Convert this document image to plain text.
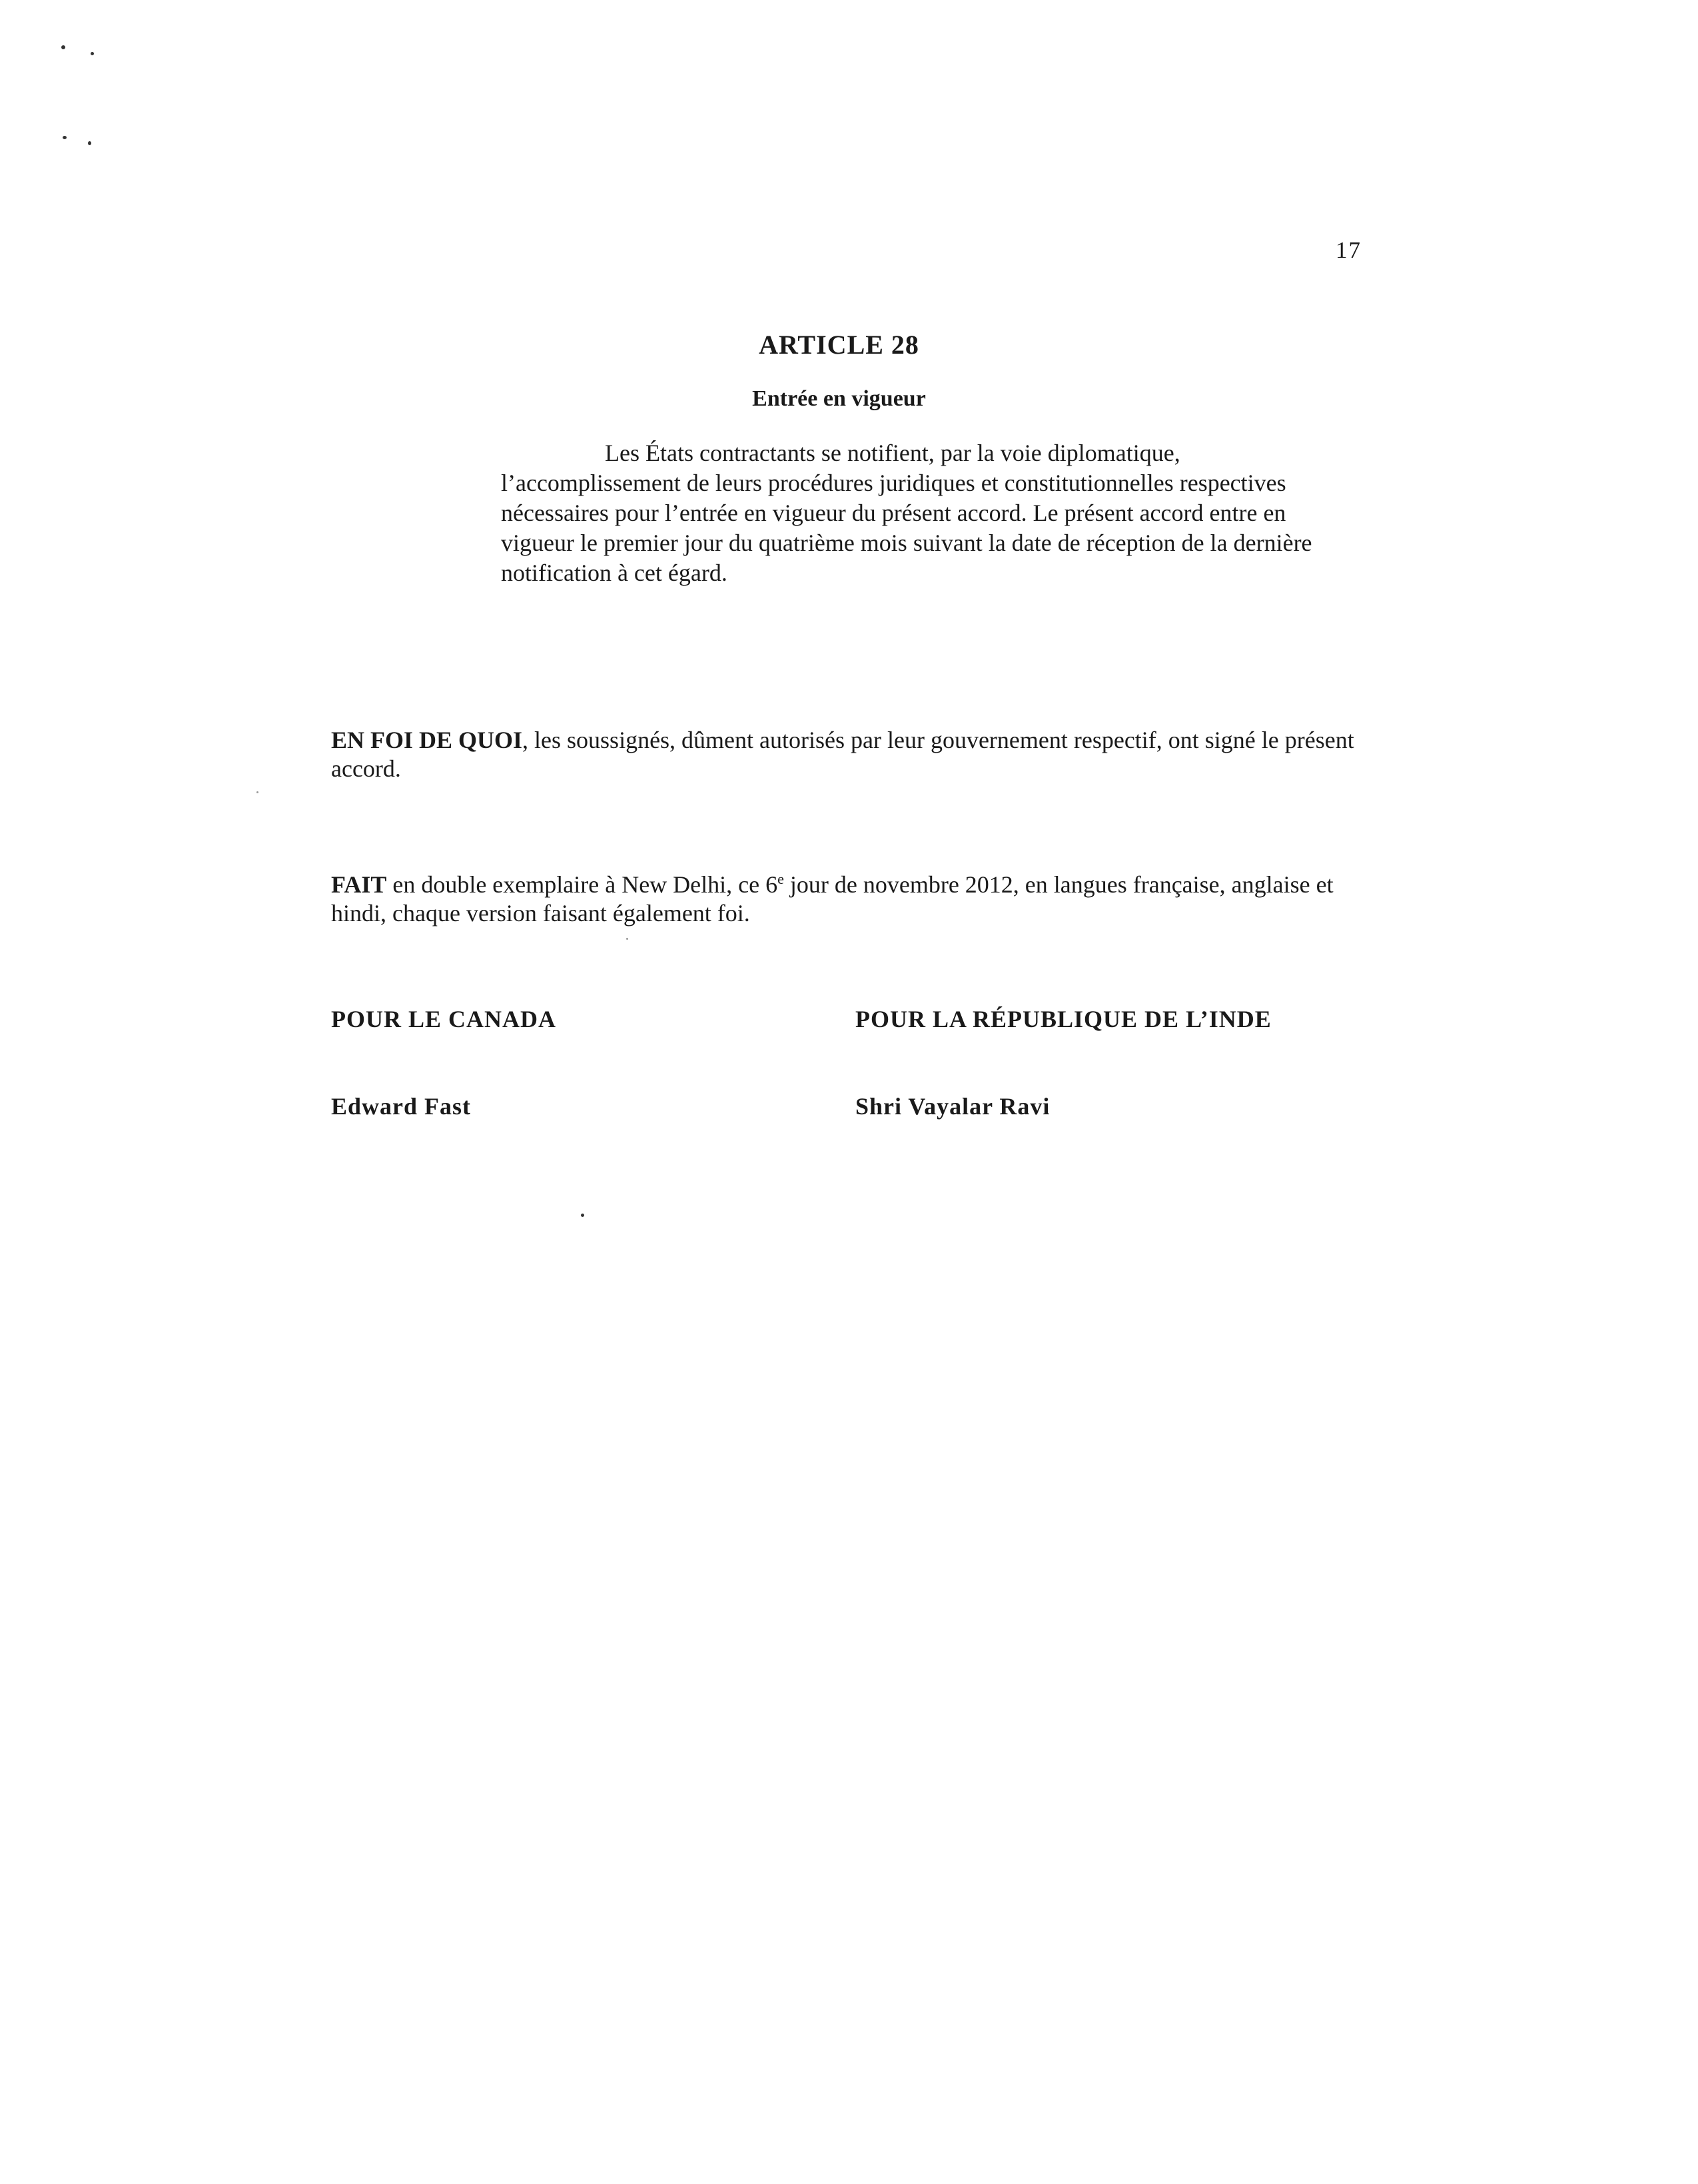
17
ARTICLE 28
Entrée en vigueur

Les États contractants se notifient, par la voie diplomatique, l’accomplissement de leurs procédures juridiques et constitutionnelles respectives nécessaires pour l’entrée en vigueur du présent accord. Le présent accord entre en vigueur le premier jour du quatrième mois suivant la date de réception de la dernière notification à cet égard.

EN FOI DE QUOI, les soussignés, dûment autorisés par leur gouvernement respectif, ont signé le présent accord.

FAIT en double exemplaire à New Delhi, ce 6e jour de novembre 2012, en langues française, anglaise et hindi, chaque version faisant également foi.

POUR LE CANADA	POUR LA RÉPUBLIQUE DE L’INDE
Edward Fast	Shri Vayalar Ravi
